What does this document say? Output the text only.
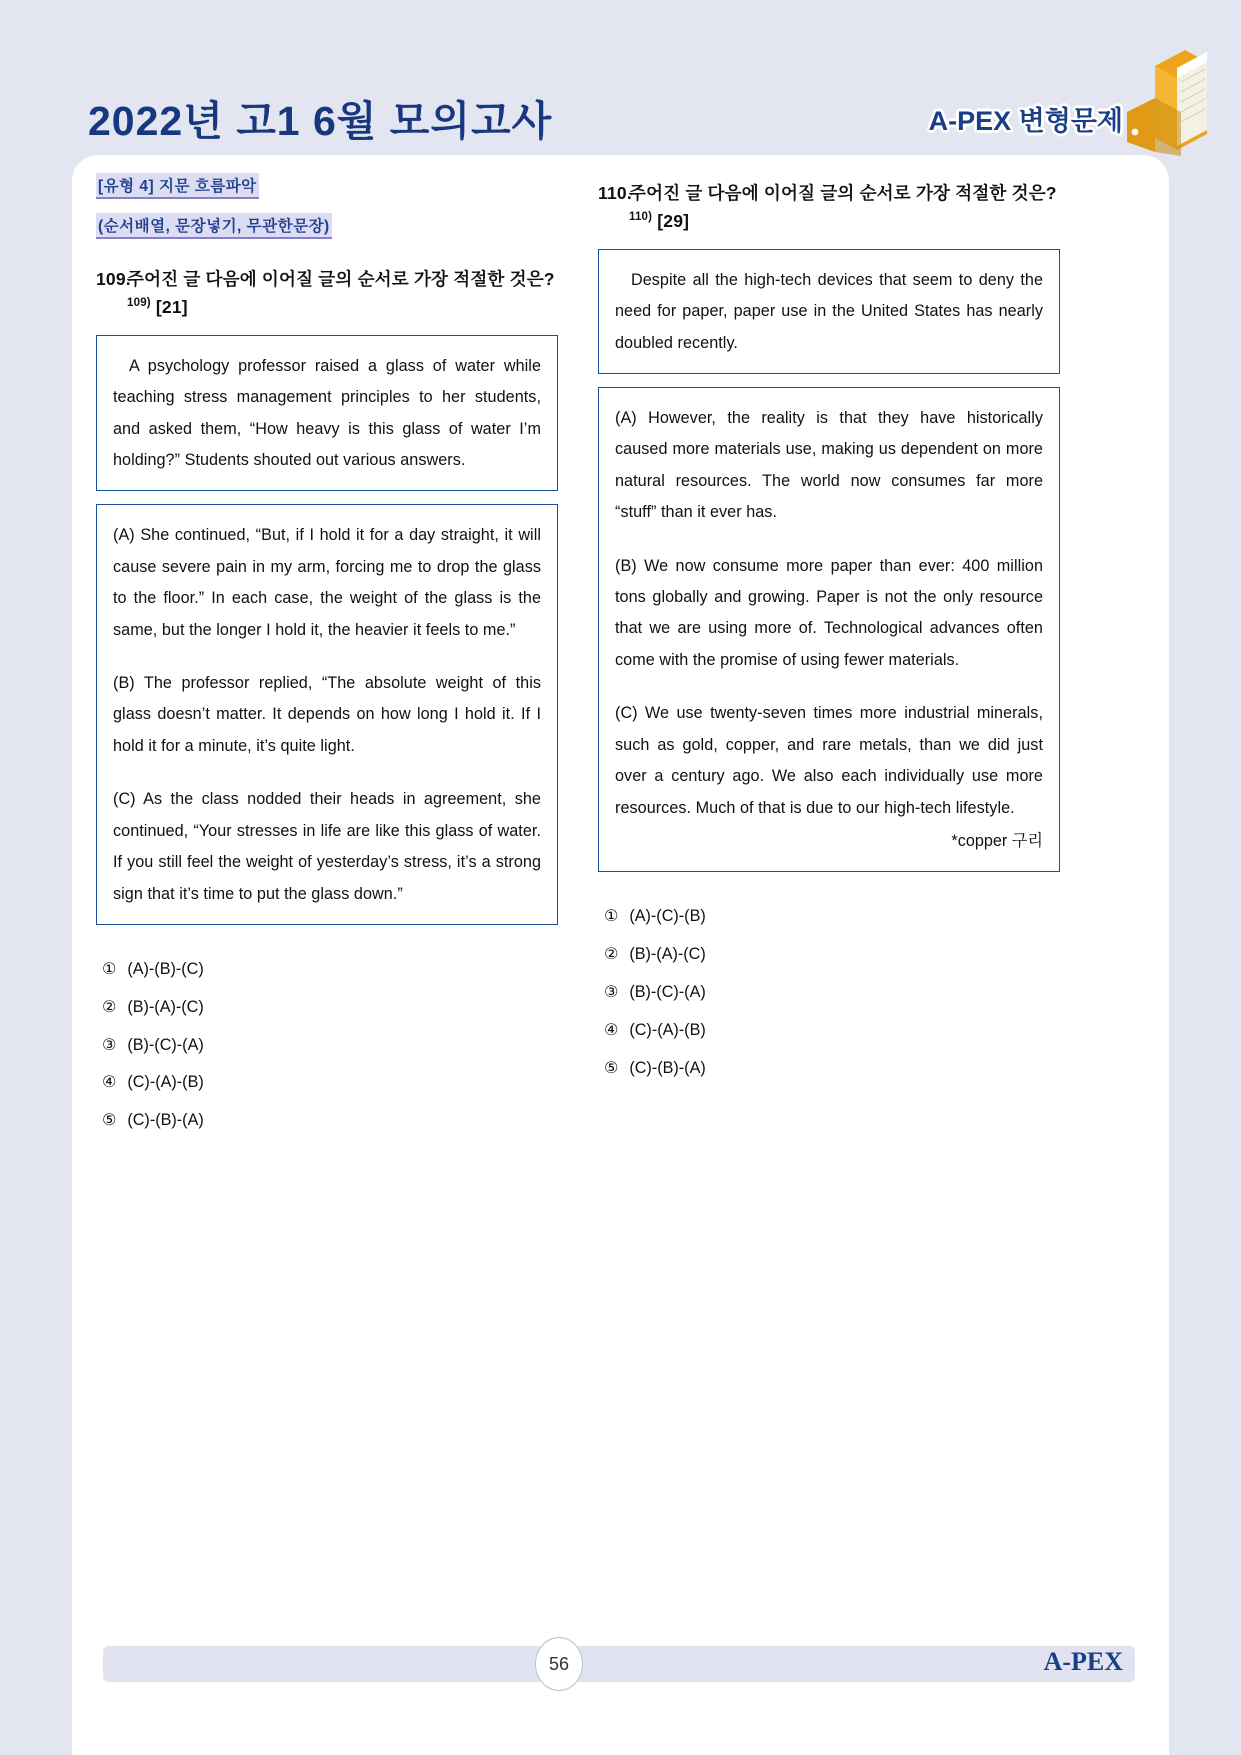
2022년 고1 6월 모의고사	A-PEX 변형문제
[유형 4] 지문 흐름파악
(순서배열, 문장넣기, 무관한문장)
109.
주어진 글 다음에 이어질 글의 순서로 가장 적절한 것은?$^{109)}$ [21]

A psychology professor raised a glass of water while teaching stress management principles to her students, and asked them, “How heavy is this glass of water I’m holding?” Students shouted out various answers.

(A) She continued, “But, if I hold it for a day straight, it will cause severe pain in my arm, forcing me to drop the glass to the floor.” In each case, the weight of the glass is the same, but the longer I hold it, the heavier it feels to me.”

(B) The professor replied, “The absolute weight of this glass doesn’t matter. It depends on how long I hold it. If I hold it for a minute, it’s quite light.

(C) As the class nodded their heads in agreement, she continued, “Your stresses in life are like this glass of water. If you still feel the weight of yesterday’s stress, it’s a strong sign that it’s time to put the glass down.”

① (A)-(B)-(C)
② (B)-(A)-(C)
③ (B)-(C)-(A)
④ (C)-(A)-(B)
⑤ (C)-(B)-(A)
110.
주어진 글 다음에 이어질 글의 순서로 가장 적절한 것은?$^{110)}$ [29]

Despite all the high-tech devices that seem to deny the need for paper, paper use in the United States has nearly doubled recently.

(A) However, the reality is that they have historically caused more materials use, making us dependent on more natural resources. The world now consumes far more “stuff” than it ever has.

(B) We now consume more paper than ever: 400 million tons globally and growing. Paper is not the only resource that we are using more of. Technological advances often come with the promise of using fewer materials.

(C) We use twenty-seven times more industrial minerals, such as gold, copper, and rare metals, than we did just over a century ago. We also each individually use more resources. Much of that is due to our high-tech lifestyle.

*copper 구리
① (A)-(C)-(B)
② (B)-(A)-(C)
③ (B)-(C)-(A)
④ (C)-(A)-(B)
⑤ (C)-(B)-(A)
56	A-PEX
